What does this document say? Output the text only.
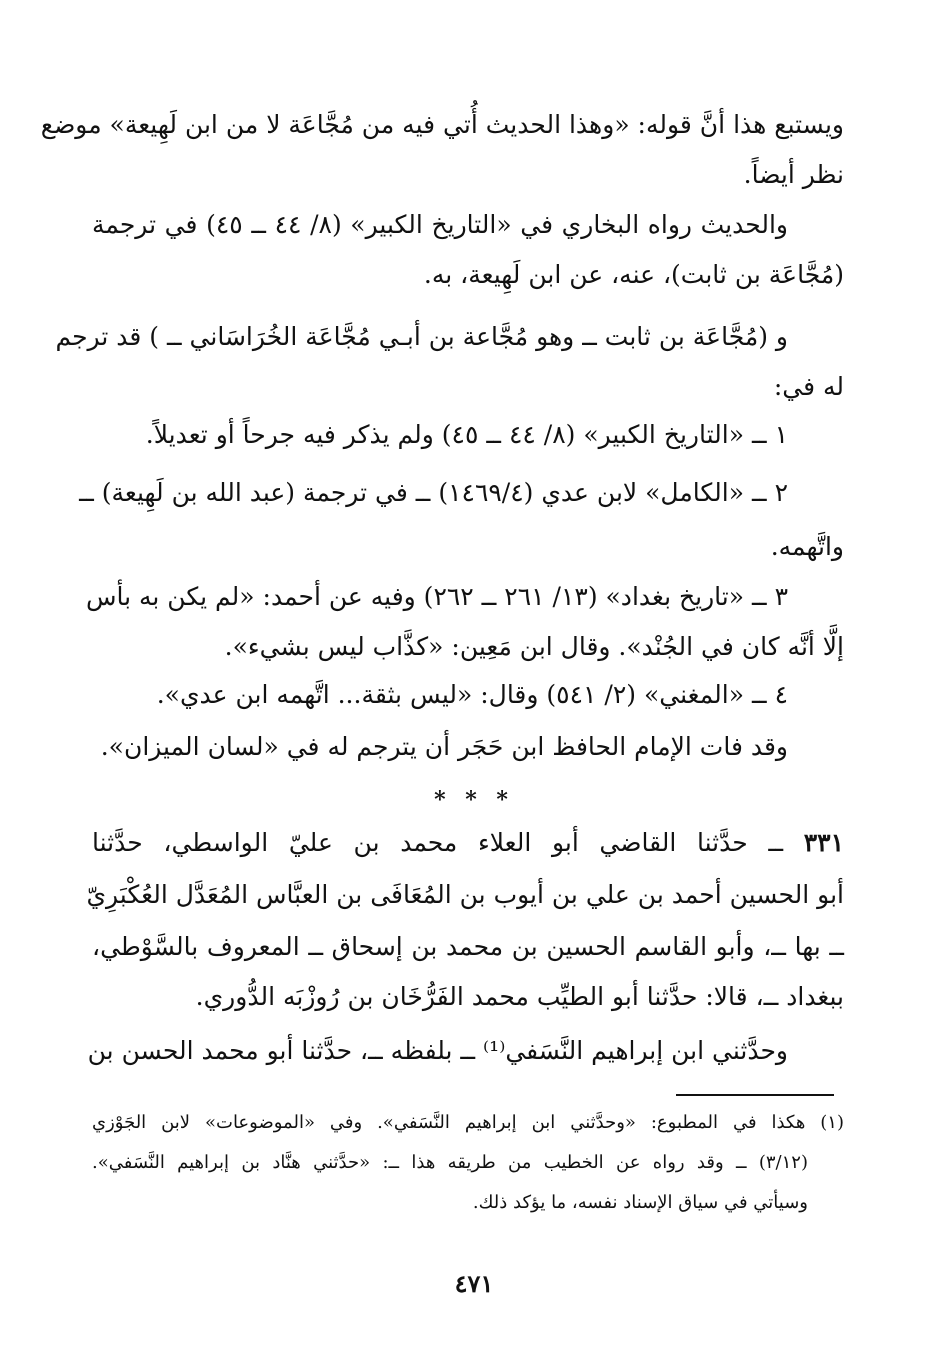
ويستبع هذا أنَّ قوله: «وهذا الحديث أُتي فيه من مُجَّاعَة لا من ابن لَهِيعة» موضع
نظر أيضاً.
والحديث رواه البخاري في «التاريخ الكبير» (٨/ ٤٤ ــ ٤٥) في ترجمة
(مُجَّاعَة بن ثابت)، عنه، عن ابن لَهِيعة، به.
و (مُجَّاعَة بن ثابت ــ وهو مُجَّاعة بن أبـي مُجَّاعَة الخُرَاسَاني ــ ) قد ترجم
له في:
١ ــ «التاريخ الكبير» (٨/ ٤٤ ــ ٤٥) ولم يذكر فيه جرحاً أو تعديلاً.
٢ ــ «الكامل» لابن عدي (١٤٦٩/٤) ــ في ترجمة (عبد الله بن لَهِيعة) ــ
واتَّهمه.
٣ ــ «تاريخ بغداد» (١٣/ ٢٦١ ــ ٢٦٢) وفيه عن أحمد: «لم يكن به بأس
إلَّا أنَّه كان في الجُنْد». وقال ابن مَعِين: «كذَّاب ليس بشيء».
٤ ــ «المغني» (٢/ ٥٤١) وقال: «ليس بثقة... اتَّهمه ابن عدي».
وقد فات الإمام الحافظ ابن حَجَر أن يترجم له في «لسان الميزان».
* * *
٣٣١ ــ حدَّثنا القاضي أبو العلاء محمد بن عليّ الواسطي، حدَّثنا
أبو الحسين أحمد بن علي بن أيوب بن المُعَافَى بن العبَّاس المُعَدَّل العُكْبَرِيّ
ــ بها ــ، وأبو القاسم الحسين بن محمد بن إسحاق ــ المعروف بالسَّوْطي،
ببغداد ــ، قالا: حدَّثنا أبو الطيِّب محمد الفَرُّخَان بن رُوزْبَه الدُّوري.
وحدَّثني ابن إبراهيم النَّسَفي⁽¹⁾ ــ بلفظه ــ، حدَّثنا أبو محمد الحسن بن
(١) هكذا في المطبوع: «وحدَّثني ابن إبراهيم النَّسَفي». وفي «الموضوعات» لابن الجَوْزي
(٣/١٢) ــ وقد رواه عن الخطيب من طريقه هذا ــ: «حدَّثني هنَّاد بن إبراهيم النَّسَفي».
وسيأتي في سياق الإسناد نفسه، ما يؤكد ذلك.
٤٧١
